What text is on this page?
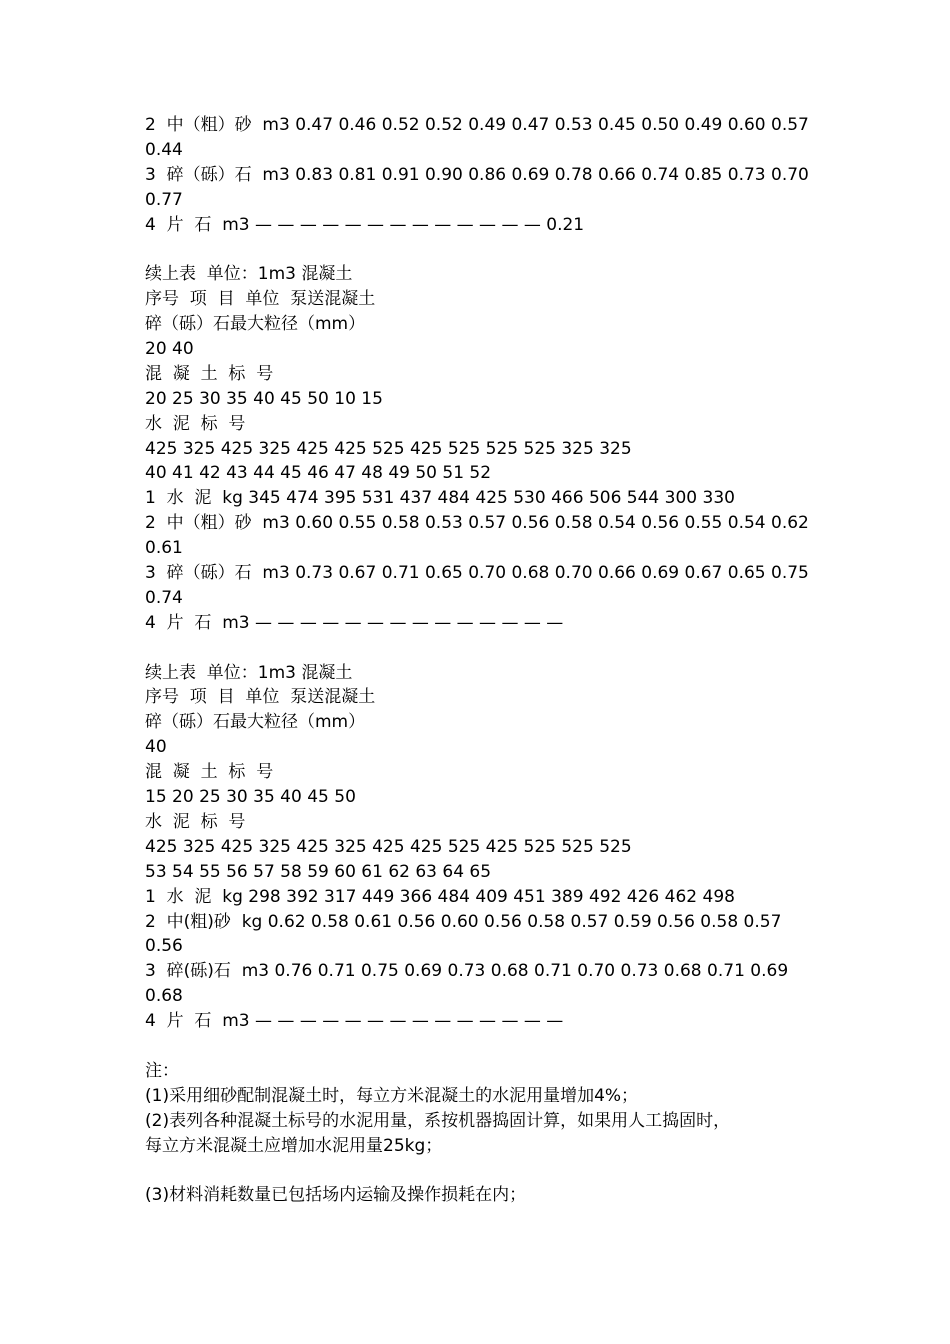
2  中（粗）砂  m3 0.47 0.46 0.52 0.52 0.49 0.47 0.53 0.45 0.50 0.49 0.60 0.57
0.44
3  碎（砾）石  m3 0.83 0.81 0.91 0.90 0.86 0.69 0.78 0.66 0.74 0.85 0.73 0.70
0.77
4  片  石  m3 — — — — — — — — — — — — — 0.21
续上表  单位：1m3 混凝土
序号  项  目  单位  泵送混凝土
碎（砾）石最大粒径（mm）
20 40
混  凝  土  标  号
20 25 30 35 40 45 50 10 15
水  泥  标  号
425 325 425 325 425 425 525 425 525 525 525 325 325
40 41 42 43 44 45 46 47 48 49 50 51 52
1  水  泥  kg 345 474 395 531 437 484 425 530 466 506 544 300 330
2  中（粗）砂  m3 0.60 0.55 0.58 0.53 0.57 0.56 0.58 0.54 0.56 0.55 0.54 0.62
0.61
3  碎（砾）石  m3 0.73 0.67 0.71 0.65 0.70 0.68 0.70 0.66 0.69 0.67 0.65 0.75
0.74
4  片  石  m3 — — — — — — — — — — — — — —
续上表  单位：1m3 混凝土
序号  项  目  单位  泵送混凝土
碎（砾）石最大粒径（mm）
40
混  凝  土  标  号
15 20 25 30 35 40 45 50
水  泥  标  号
425 325 425 325 425 325 425 425 525 425 525 525 525
53 54 55 56 57 58 59 60 61 62 63 64 65
1  水  泥  kg 298 392 317 449 366 484 409 451 389 492 426 462 498
2  中(粗)砂  kg 0.62 0.58 0.61 0.56 0.60 0.56 0.58 0.57 0.59 0.56 0.58 0.57
0.56
3  碎(砾)石  m3 0.76 0.71 0.75 0.69 0.73 0.68 0.71 0.70 0.73 0.68 0.71 0.69
0.68
4  片  石  m3 — — — — — — — — — — — — — —
注：
(1)采用细砂配制混凝土时，每立方米混凝土的水泥用量增加4%；
(2)表列各种混凝土标号的水泥用量，系按机器捣固计算，如果用人工捣固时，
每立方米混凝土应增加水泥用量25kg；
(3)材料消耗数量已包括场内运输及操作损耗在内；
